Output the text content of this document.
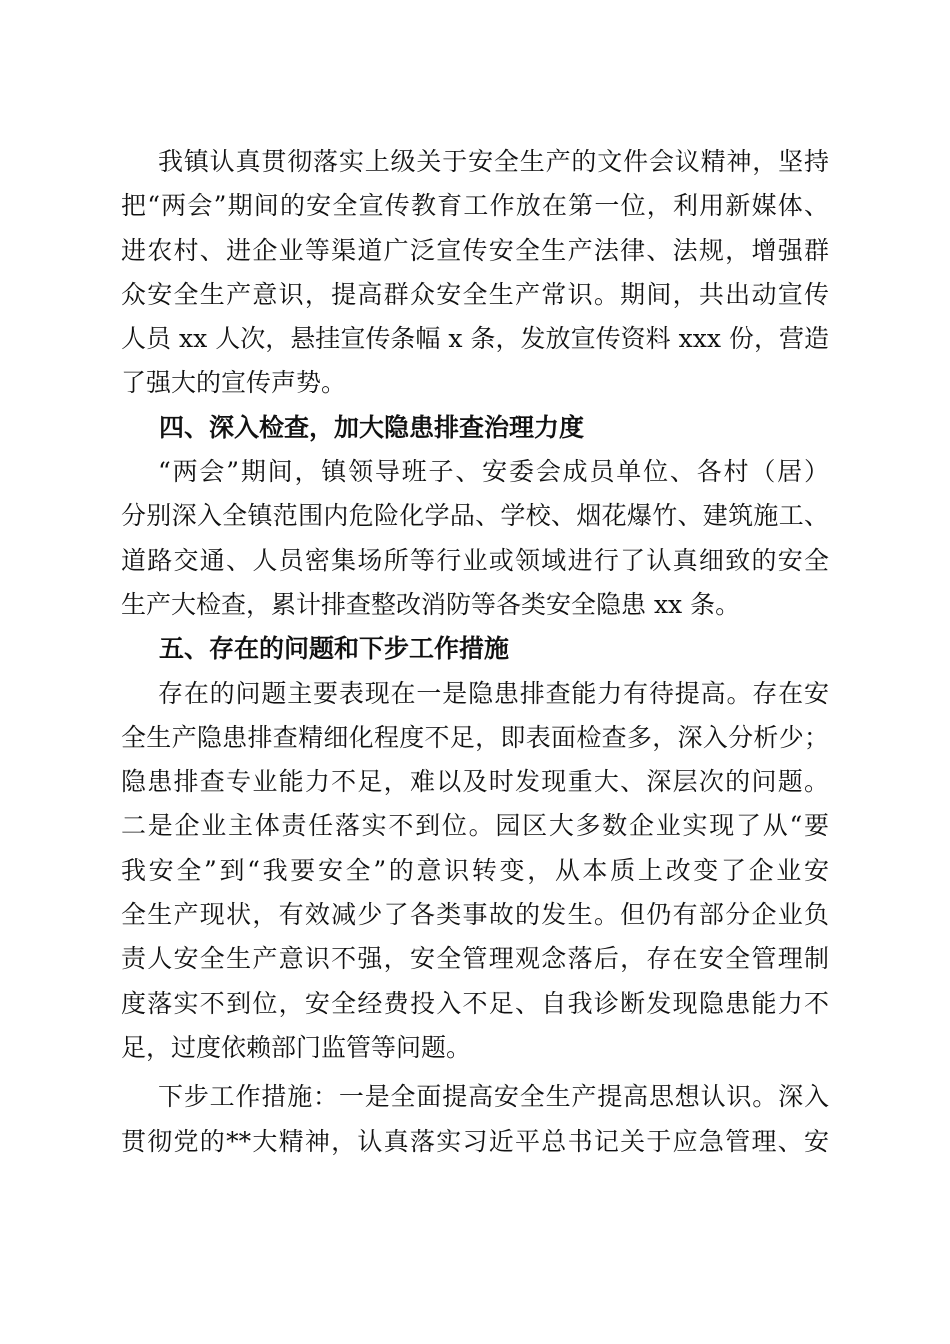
我镇认真贯彻落实上级关于安全生产的文件会议精神，坚持
把“两会”期间的安全宣传教育工作放在第一位，利用新媒体、
进农村、进企业等渠道广泛宣传安全生产法律、法规，增强群
众安全生产意识，提高群众安全生产常识。期间，共出动宣传
人员 xx 人次，悬挂宣传条幅 x 条，发放宣传资料 xxx 份，营造
了强大的宣传声势。
四、深入检查，加大隐患排查治理力度
“两会”期间，镇领导班子、安委会成员单位、各村（居）
分别深入全镇范围内危险化学品、学校、烟花爆竹、建筑施工、
道路交通、人员密集场所等行业或领域进行了认真细致的安全
生产大检查，累计排查整改消防等各类安全隐患 xx 条。
五、存在的问题和下步工作措施
存在的问题主要表现在一是隐患排查能力有待提高。存在安
全生产隐患排查精细化程度不足，即表面检查多，深入分析少；
隐患排查专业能力不足，难以及时发现重大、深层次的问题。
二是企业主体责任落实不到位。园区大多数企业实现了从“要
我安全”到“我要安全”的意识转变，从本质上改变了企业安
全生产现状，有效减少了各类事故的发生。但仍有部分企业负
责人安全生产意识不强，安全管理观念落后，存在安全管理制
度落实不到位，安全经费投入不足、自我诊断发现隐患能力不
足，过度依赖部门监管等问题。
下步工作措施：一是全面提高安全生产提高思想认识。深入
贯彻党的**大精神，认真落实习近平总书记关于应急管理、安
